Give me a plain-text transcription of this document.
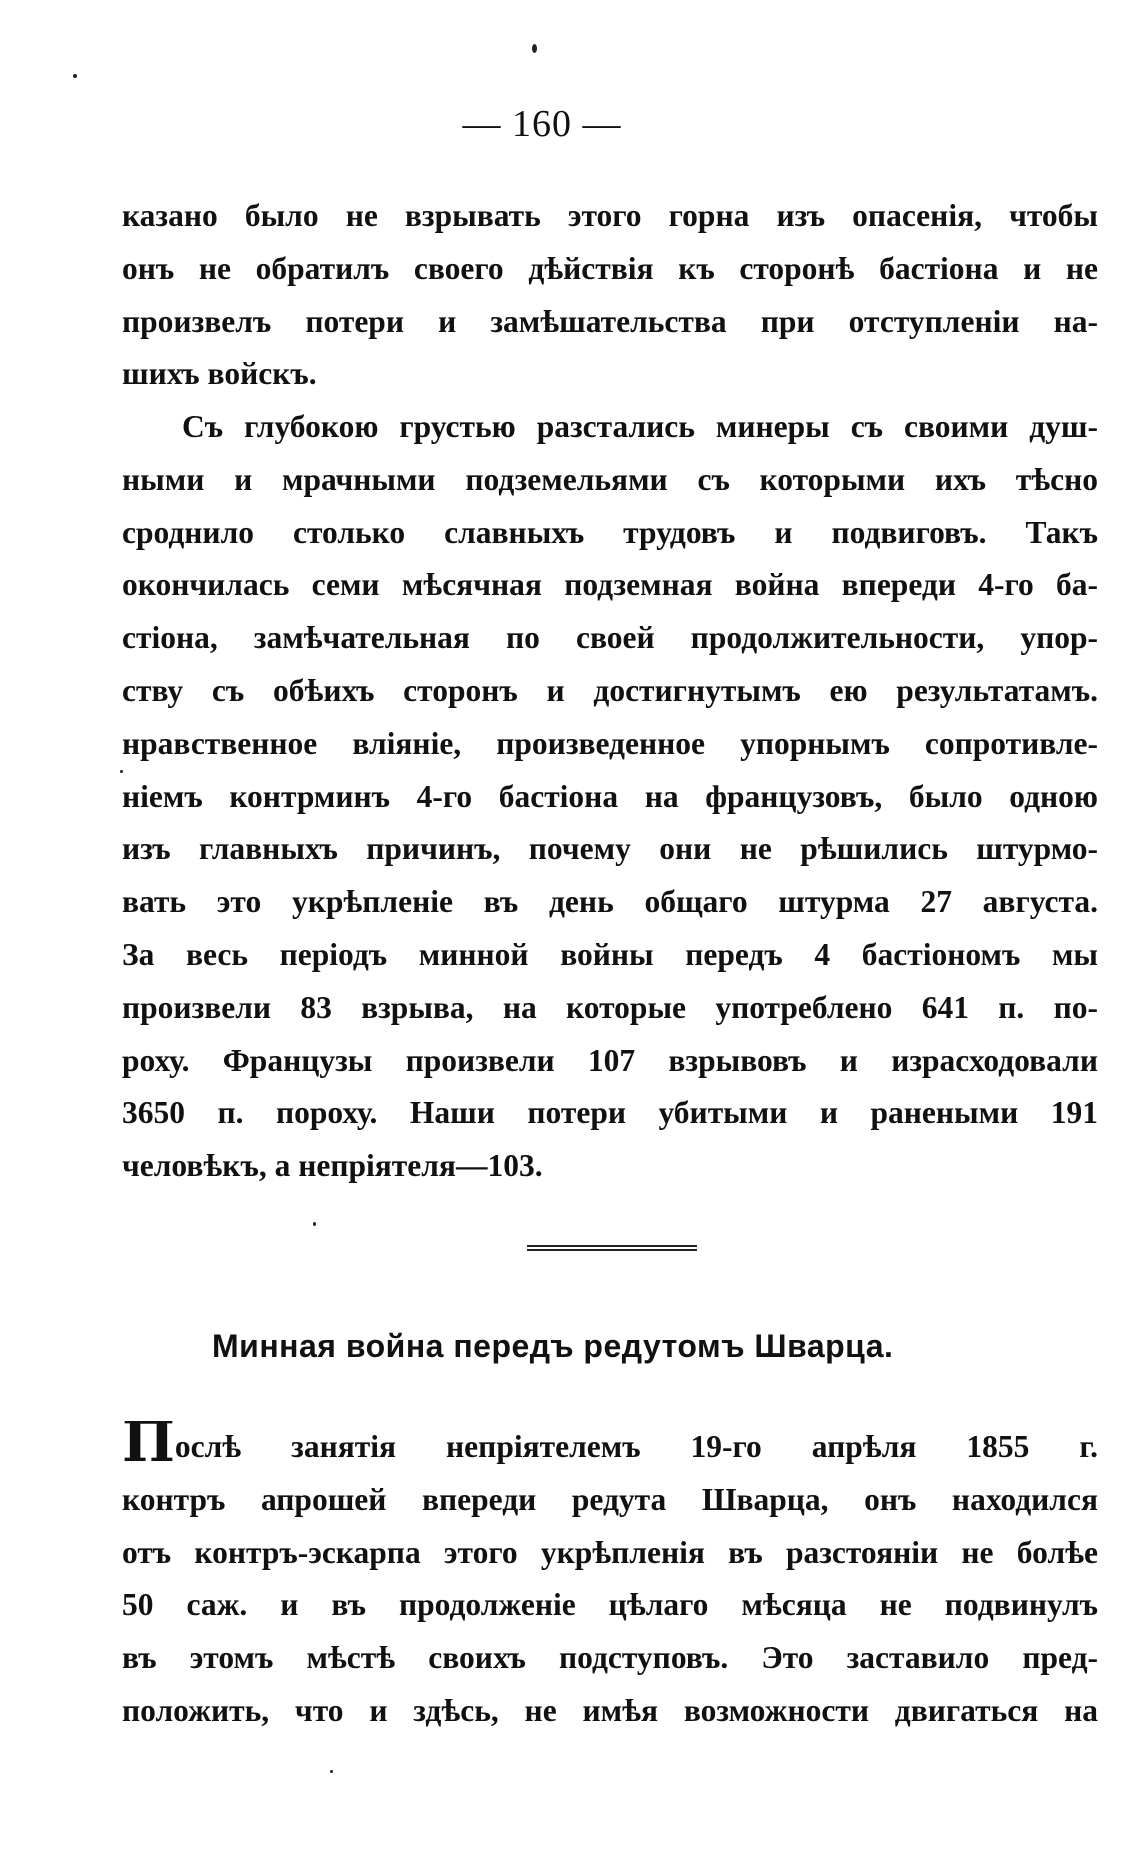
— 160 —
казано было не взрывать этого горна изъ опасенія, чтобы
онъ не обратилъ своего дѣйствія къ сторонѣ бастіона и не
произвелъ потери и замѣшательства при отступленіи на-
шихъ войскъ.
Съ глубокою грустью разстались минеры съ своими душ-
ными и мрачными подземельями съ которыми ихъ тѣсно
сроднило столько славныхъ трудовъ и подвиговъ. Такъ
окончилась семи мѣсячная подземная война впереди 4-го ба-
стіона, замѣчательная по своей продолжительности, упор-
ству съ обѣихъ сторонъ и достигнутымъ ею результатамъ.
нравственное вліяніе, произведенное упорнымъ сопротивле-
ніемъ контрминъ 4-го бастіона на французовъ, было одною
изъ главныхъ причинъ, почему они не рѣшились штурмо-
вать это укрѣпленіе въ день общаго штурма 27 августа.
За весь періодъ минной войны передъ 4 бастіономъ мы
произвели 83 взрыва, на которые употреблено 641 п. по-
роху. Французы произвели 107 взрывовъ и израсходовали
3650 п. пороху. Наши потери убитыми и ранеными 191
человѣкъ, а непріятеля—103.
Минная война передъ редутомъ Шварца.
Послѣ занятія непріятелемъ 19-го апрѣля 1855 г.
контръ апрошей впереди редута Шварца, онъ находился
отъ контръ-эскарпа этого укрѣпленія въ разстояніи не болѣе
50 саж. и въ продолженіе цѣлаго мѣсяца не подвинулъ
въ этомъ мѣстѣ своихъ подступовъ. Это заставило пред-
положить, что и здѣсь, не имѣя возможности двигаться на
